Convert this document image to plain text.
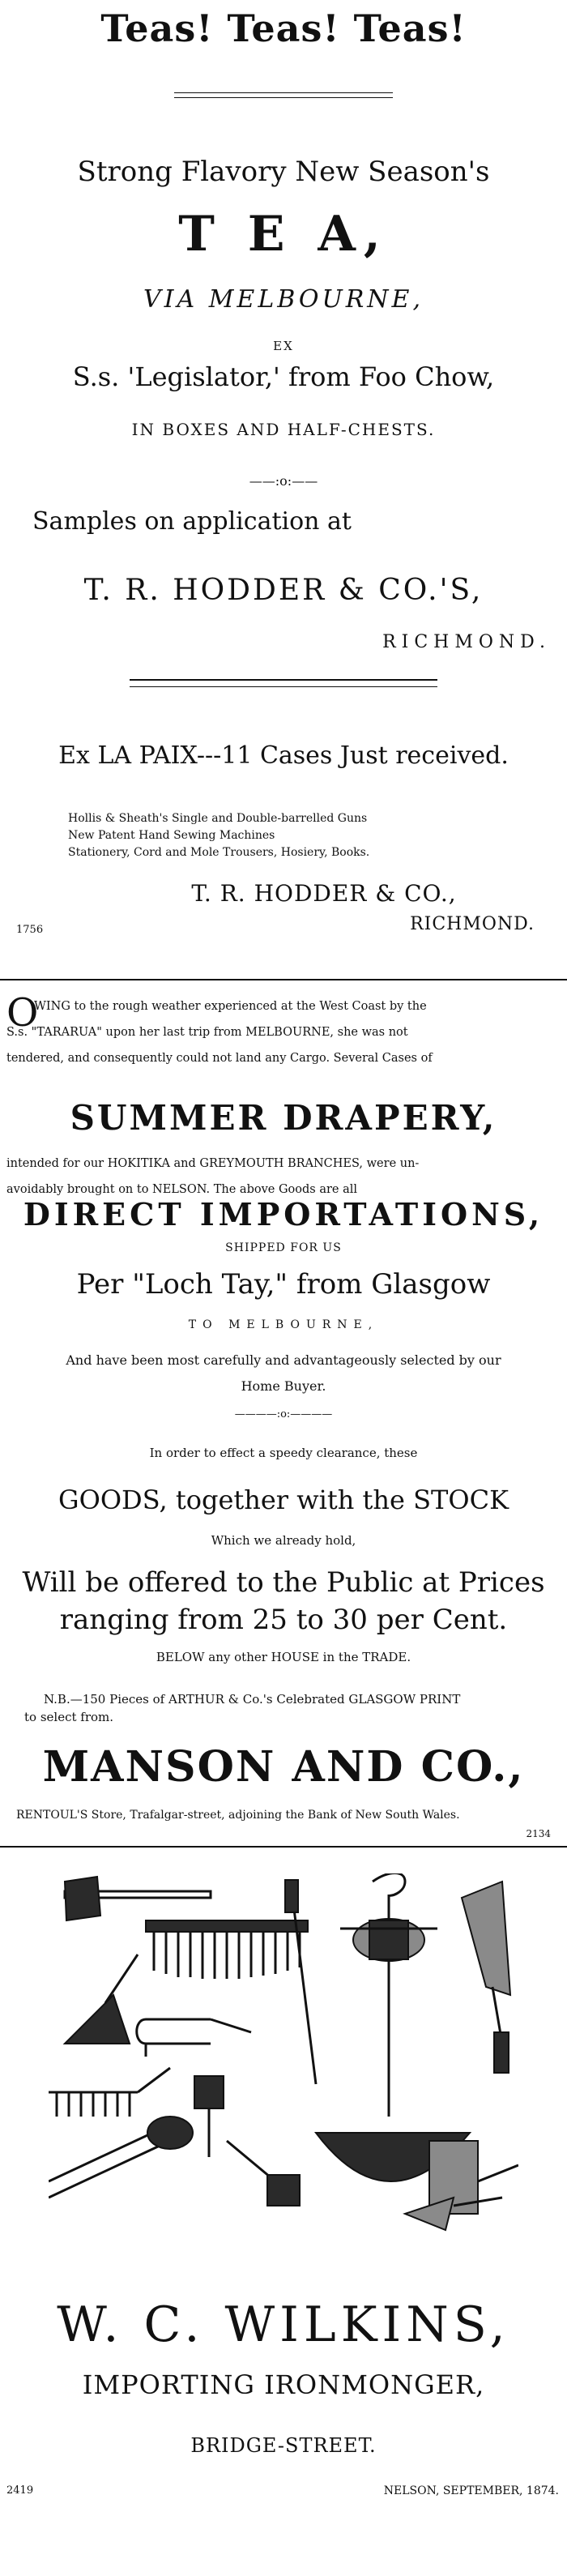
Teas! Teas! Teas!
Strong Flavory New Season's
T E A,
VIA MELBOURNE,
EX
S.s. 'Legislator,' from Foo Chow,
IN BOXES AND HALF-CHESTS.
——:o:——
Samples on application at
T. R. HODDER & CO.'S,
RICHMOND.
Ex LA PAIX---11 Cases Just received.
Hollis & Sheath's Single and Double-barrelled Guns
New Patent Hand Sewing Machines
Stationery, Cord and Mole Trousers, Hosiery, Books.
T. R. HODDER & CO.,
1756	RICHMOND.
O
WING to the rough weather experienced at the West Coast by the
S.s. "TARARUA" upon her last trip from MELBOURNE, she was not
tendered, and consequently could not land any Cargo. Several Cases of
SUMMER DRAPERY,
intended for our HOKITIKA and GREYMOUTH BRANCHES, were un-
avoidably brought on to NELSON. The above Goods are all
DIRECT IMPORTATIONS,
SHIPPED FOR US
Per "Loch Tay," from Glasgow
TO MELBOURNE,
And have been most carefully and advantageously selected by our
Home Buyer.
————:o:————
In order to effect a speedy clearance, these
GOODS, together with the STOCK
Which we already hold,
Will be offered to the Public at Prices
ranging from 25 to 30 per Cent.
BELOW any other HOUSE in the TRADE.
N.B.—150 Pieces of ARTHUR & Co.'s Celebrated GLASGOW PRINT
to select from.
MANSON AND CO.,
RENTOUL'S Store, Trafalgar-street, adjoining the Bank of New South Wales.
2134
W. C. WILKINS,
IMPORTING IRONMONGER,
BRIDGE-STREET.
2419	NELSON, SEPTEMBER, 1874.
